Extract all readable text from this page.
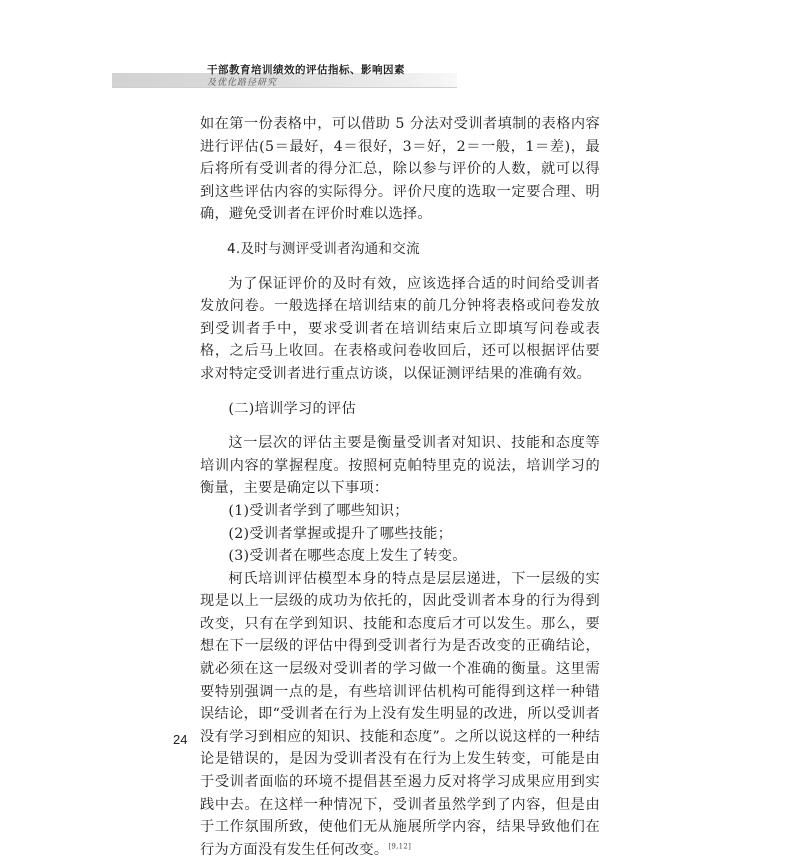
干部教育培训绩效的评估指标、影响因素
及优化路径研究

如在第一份表格中，可以借助 5 分法对受训者填制的表格内容进行评估(5＝最好，4＝很好，3＝好，2＝一般，1＝差)，最后将所有受训者的得分汇总，除以参与评价的人数，就可以得到这些评估内容的实际得分。评价尺度的选取一定要合理、明确，避免受训者在评价时难以选择。

4.及时与测评受训者沟通和交流

为了保证评价的及时有效，应该选择合适的时间给受训者发放问卷。一般选择在培训结束的前几分钟将表格或问卷发放到受训者手中，要求受训者在培训结束后立即填写问卷或表格，之后马上收回。在表格或问卷收回后，还可以根据评估要求对特定受训者进行重点访谈，以保证测评结果的准确有效。

(二)培训学习的评估

这一层次的评估主要是衡量受训者对知识、技能和态度等培训内容的掌握程度。按照柯克帕特里克的说法，培训学习的衡量，主要是确定以下事项：

(1)受训者学到了哪些知识；

(2)受训者掌握或提升了哪些技能；

(3)受训者在哪些态度上发生了转变。

柯氏培训评估模型本身的特点是层层递进，下一层级的实现是以上一层级的成功为依托的，因此受训者本身的行为得到改变，只有在学到知识、技能和态度后才可以发生。那么，要想在下一层级的评估中得到受训者行为是否改变的正确结论，就必须在这一层级对受训者的学习做一个准确的衡量。这里需要特别强调一点的是，有些培训评估机构可能得到这样一种错误结论，即“受训者在行为上没有发生明显的改进，所以受训者没有学习到相应的知识、技能和态度”。之所以说这样的一种结论是错误的，是因为受训者没有在行为上发生转变，可能是由于受训者面临的环境不提倡甚至遏力反对将学习成果应用到实践中去。在这样一种情况下，受训者虽然学到了内容，但是由于工作氛围所致，使他们无从施展所学内容，结果导致他们在行为方面没有发生任何改变。[9,12]

24
